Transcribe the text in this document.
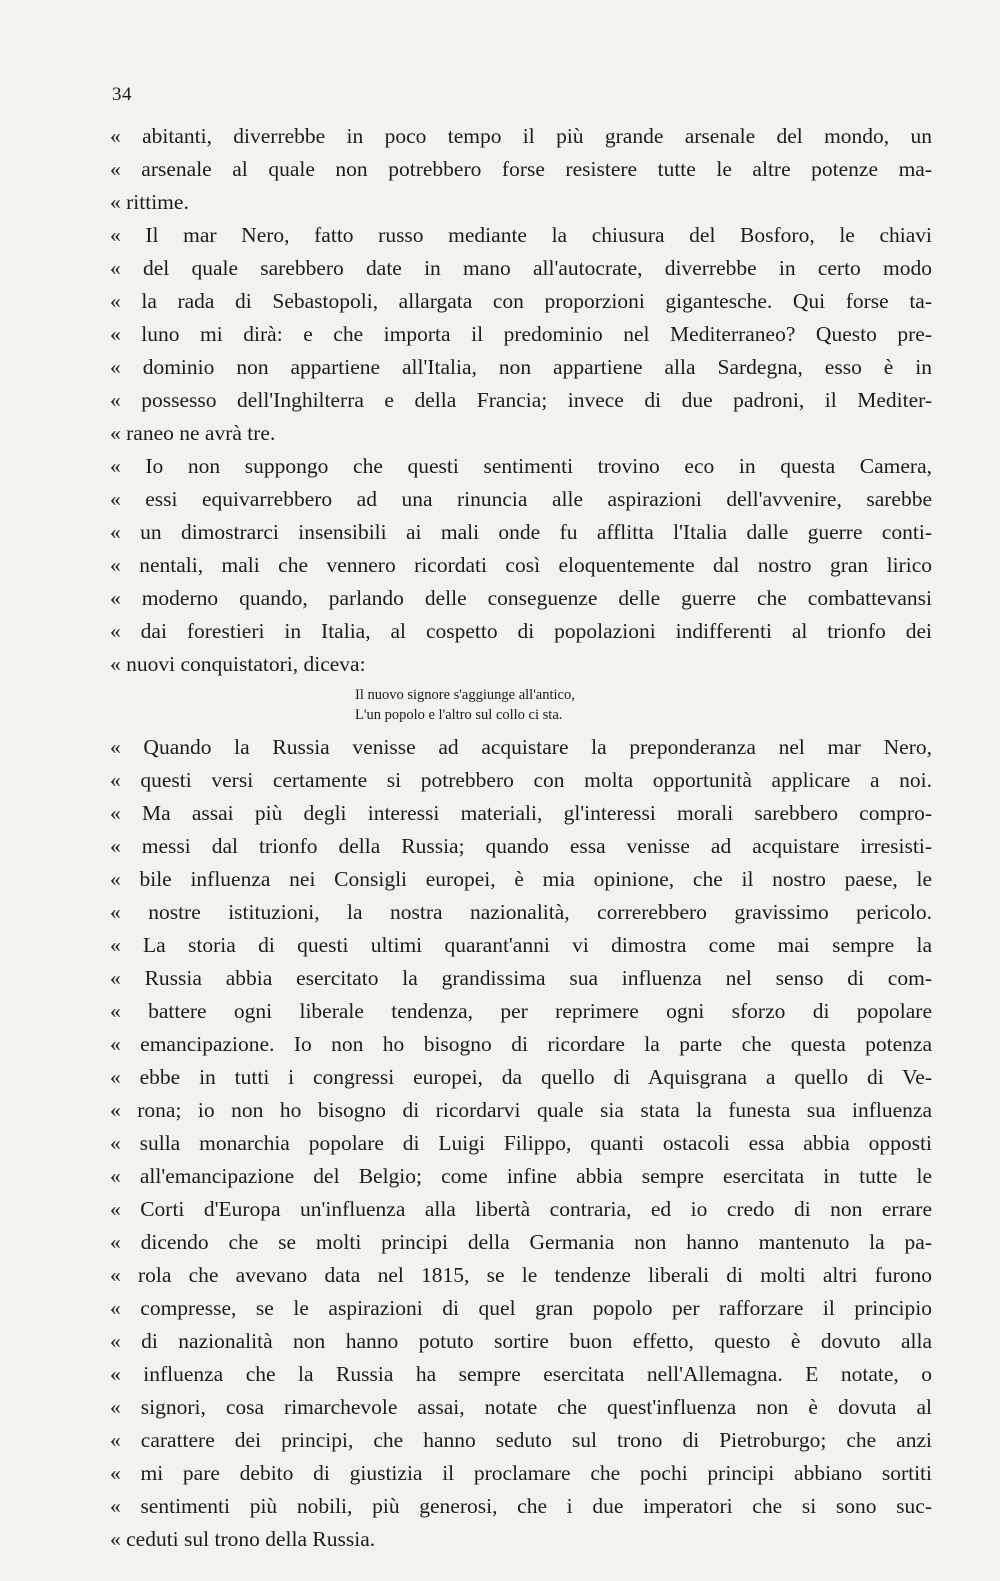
34
« abitanti, diverrebbe in poco tempo il più grande arsenale del mondo, un
« arsenale al quale non potrebbero forse resistere tutte le altre potenze ma-
« rittime.
« Il mar Nero, fatto russo mediante la chiusura del Bosforo, le chiavi
« del quale sarebbero date in mano all'autocrate, diverrebbe in certo modo
« la rada di Sebastopoli, allargata con proporzioni gigantesche. Qui forse ta-
« luno mi dirà: e che importa il predominio nel Mediterraneo? Questo pre-
« dominio non appartiene all'Italia, non appartiene alla Sardegna, esso è in
« possesso dell'Inghilterra e della Francia; invece di due padroni, il Mediter-
« raneo ne avrà tre.
« Io non suppongo che questi sentimenti trovino eco in questa Camera,
« essi equivarrebbero ad una rinuncia alle aspirazioni dell'avvenire, sarebbe
« un dimostrarci insensibili ai mali onde fu afflitta l'Italia dalle guerre conti-
« nentali, mali che vennero ricordati così eloquentemente dal nostro gran lirico
« moderno quando, parlando delle conseguenze delle guerre che combattevansi
« dai forestieri in Italia, al cospetto di popolazioni indifferenti al trionfo dei
« nuovi conquistatori, diceva:
Il nuovo signore s'aggiunge all'antico,
L'un popolo e l'altro sul collo ci sta.
« Quando la Russia venisse ad acquistare la preponderanza nel mar Nero,
« questi versi certamente si potrebbero con molta opportunità applicare a noi.
« Ma assai più degli interessi materiali, gl'interessi morali sarebbero compro-
« messi dal trionfo della Russia; quando essa venisse ad acquistare irresisti-
« bile influenza nei Consigli europei, è mia opinione, che il nostro paese, le
« nostre istituzioni, la nostra nazionalità, correrebbero gravissimo pericolo.
« La storia di questi ultimi quarant'anni vi dimostra come mai sempre la
« Russia abbia esercitato la grandissima sua influenza nel senso di com-
« battere ogni liberale tendenza, per reprimere ogni sforzo di popolare
« emancipazione. Io non ho bisogno di ricordare la parte che questa potenza
« ebbe in tutti i congressi europei, da quello di Aquisgrana a quello di Ve-
« rona; io non ho bisogno di ricordarvi quale sia stata la funesta sua influenza
« sulla monarchia popolare di Luigi Filippo, quanti ostacoli essa abbia opposti
« all'emancipazione del Belgio; come infine abbia sempre esercitata in tutte le
« Corti d'Europa un'influenza alla libertà contraria, ed io credo di non errare
« dicendo che se molti principi della Germania non hanno mantenuto la pa-
« rola che avevano data nel 1815, se le tendenze liberali di molti altri furono
« compresse, se le aspirazioni di quel gran popolo per rafforzare il principio
« di nazionalità non hanno potuto sortire buon effetto, questo è dovuto alla
« influenza che la Russia ha sempre esercitata nell'Allemagna. E notate, o
« signori, cosa rimarchevole assai, notate che quest'influenza non è dovuta al
« carattere dei principi, che hanno seduto sul trono di Pietroburgo; che anzi
« mi pare debito di giustizia il proclamare che pochi principi abbiano sortiti
« sentimenti più nobili, più generosi, che i due imperatori che si sono suc-
« ceduti sul trono della Russia.
